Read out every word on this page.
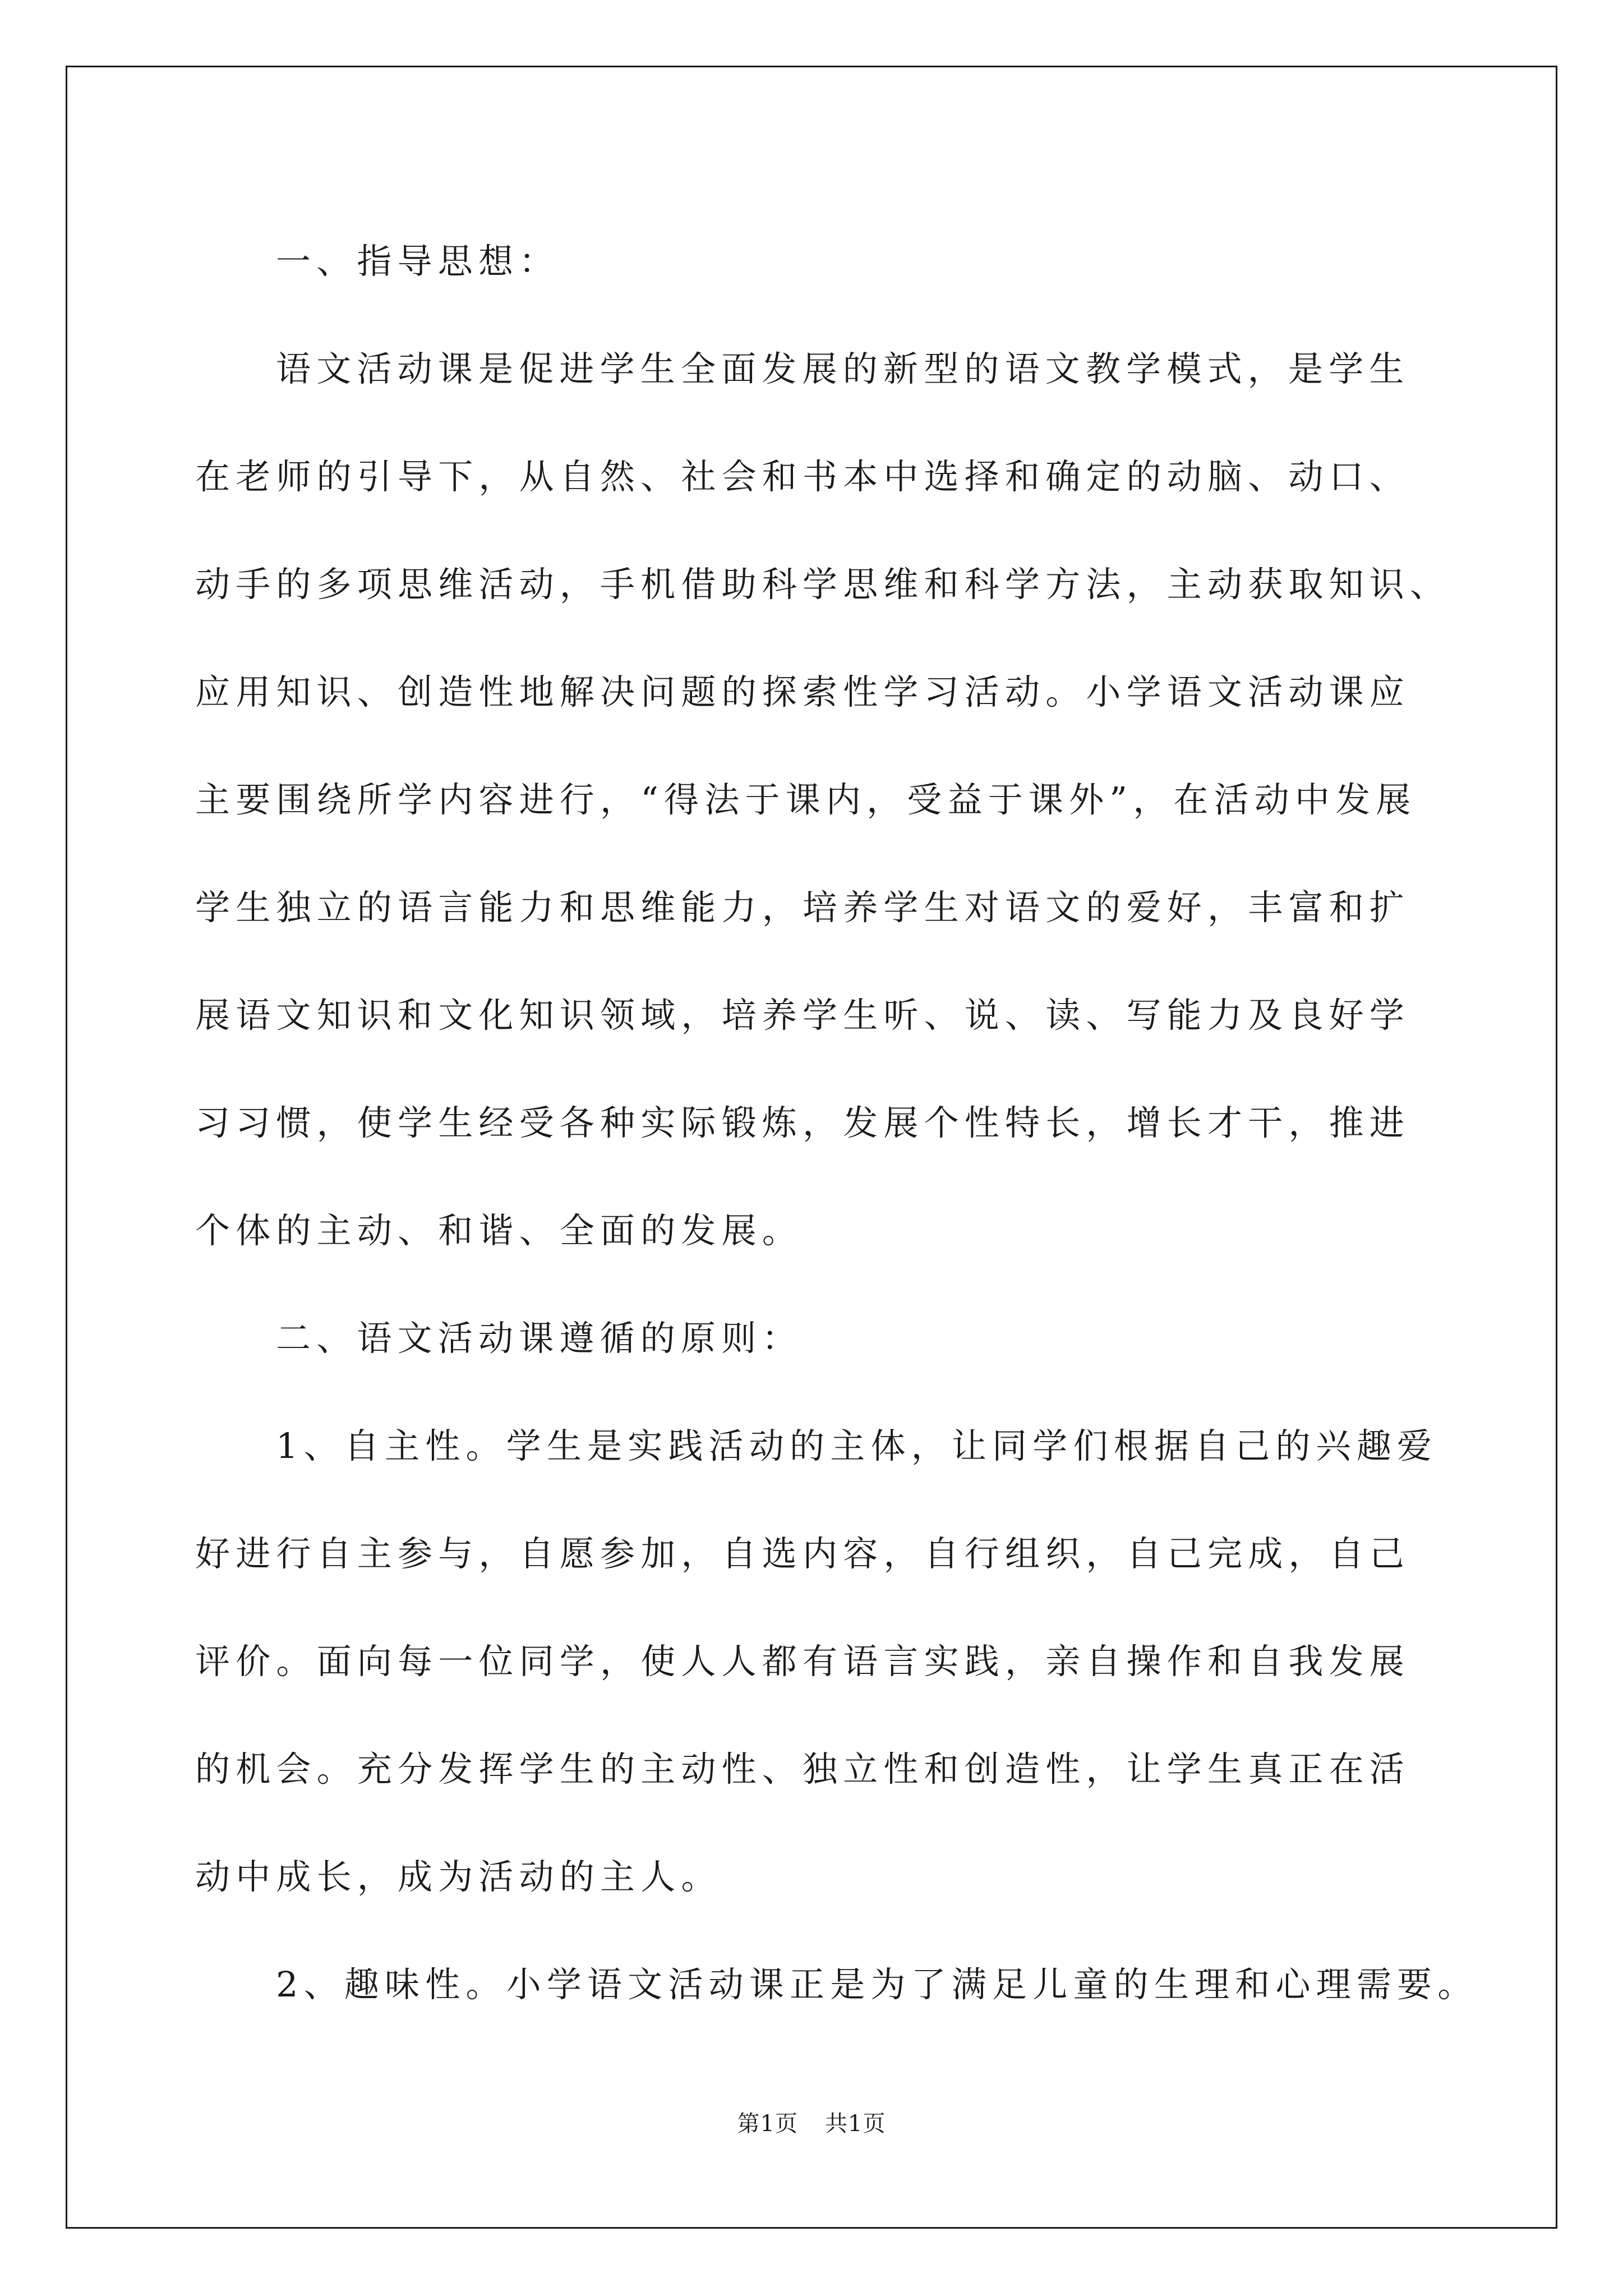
一、指导思想：
语文活动课是促进学生全面发展的新型的语文教学模式，是学生
在老师的引导下，从自然、社会和书本中选择和确定的动脑、动口、
动手的多项思维活动，手机借助科学思维和科学方法，主动获取知识、
应用知识、创造性地解决问题的探索性学习活动。小学语文活动课应
主要围绕所学内容进行，“得法于课内，受益于课外”，在活动中发展
学生独立的语言能力和思维能力，培养学生对语文的爱好，丰富和扩
展语文知识和文化知识领域，培养学生听、说、读、写能力及良好学
习习惯，使学生经受各种实际锻炼，发展个性特长，增长才干，推进
个体的主动、和谐、全面的发展。
二、语文活动课遵循的原则：
1、自主性。学生是实践活动的主体，让同学们根据自己的兴趣爱
好进行自主参与，自愿参加，自选内容，自行组织，自己完成，自己
评价。面向每一位同学，使人人都有语言实践，亲自操作和自我发展
的机会。充分发挥学生的主动性、独立性和创造性，让学生真正在活
动中成长，成为活动的主人。
2、趣味性。小学语文活动课正是为了满足儿童的生理和心理需要。
第1页 共1页
